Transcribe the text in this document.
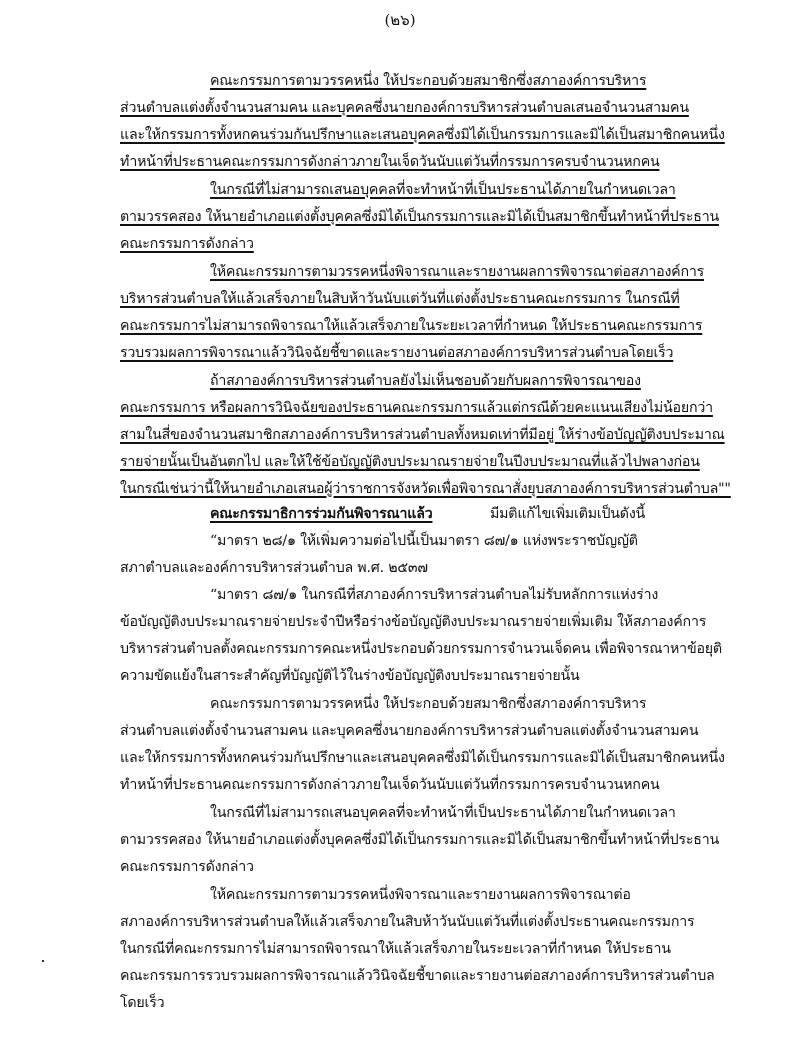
(๒๖)
คณะกรรมการตามวรรคหนึ่ง ให้ประกอบด้วยสมาชิกซึ่งสภาองค์การบริหาร
ส่วนตำบลแต่งตั้งจำนวนสามคน และบุคคลซึ่งนายกองค์การบริหารส่วนตำบลเสนอจำนวนสามคน
และให้กรรมการทั้งหกคนร่วมกันปรึกษาและเสนอบุคคลซึ่งมิได้เป็นกรรมการและมิได้เป็นสมาชิกคนหนึ่ง
ทำหน้าที่ประธานคณะกรรมการดังกล่าวภายในเจ็ดวันนับแต่วันที่กรรมการครบจำนวนหกคน
ในกรณีที่ไม่สามารถเสนอบุคคลที่จะทำหน้าที่เป็นประธานได้ภายในกำหนดเวลา
ตามวรรคสอง ให้นายอำเภอแต่งตั้งบุคคลซึ่งมิได้เป็นกรรมการและมิได้เป็นสมาชิกขึ้นทำหน้าที่ประธาน
คณะกรรมการดังกล่าว
ให้คณะกรรมการตามวรรคหนึ่งพิจารณาและรายงานผลการพิจารณาต่อสภาองค์การ
บริหารส่วนตำบลให้แล้วเสร็จภายในสิบห้าวันนับแต่วันที่แต่งตั้งประธานคณะกรรมการ ในกรณีที่
คณะกรรมการไม่สามารถพิจารณาให้แล้วเสร็จภายในระยะเวลาที่กำหนด ให้ประธานคณะกรรมการ
รวบรวมผลการพิจารณาแล้ววินิจฉัยชี้ขาดและรายงานต่อสภาองค์การบริหารส่วนตำบลโดยเร็ว
ถ้าสภาองค์การบริหารส่วนตำบลยังไม่เห็นชอบด้วยกับผลการพิจารณาของ
คณะกรรมการ หรือผลการวินิจฉัยของประธานคณะกรรมการแล้วแต่กรณีด้วยคะแนนเสียงไม่น้อยกว่า
สามในสี่ของจำนวนสมาชิกสภาองค์การบริหารส่วนตำบลทั้งหมดเท่าที่มีอยู่ ให้ร่างข้อบัญญัติงบประมาณ
รายจ่ายนั้นเป็นอันตกไป และให้ใช้ข้อบัญญัติงบประมาณรายจ่ายในปีงบประมาณที่แล้วไปพลางก่อน
ในกรณีเช่นว่านี้ให้นายอำเภอเสนอผู้ว่าราชการจังหวัดเพื่อพิจารณาสั่งยุบสภาองค์การบริหารส่วนตำบล""
คณะกรรมาธิการร่วมกันพิจารณาแล้ว	มีมติแก้ไขเพิ่มเติมเป็นดังนี้
“มาตรา ๒๘/๑ ให้เพิ่มความต่อไปนี้เป็นมาตรา ๘๗/๑ แห่งพระราชบัญญัติ
สภาตำบลและองค์การบริหารส่วนตำบล พ.ศ. ๒๕๓๗
“มาตรา ๘๗/๑ ในกรณีที่สภาองค์การบริหารส่วนตำบลไม่รับหลักการแห่งร่าง
ข้อบัญญัติงบประมาณรายจ่ายประจำปีหรือร่างข้อบัญญัติงบประมาณรายจ่ายเพิ่มเติม ให้สภาองค์การ
บริหารส่วนตำบลตั้งคณะกรรมการคณะหนึ่งประกอบด้วยกรรมการจำนวนเจ็ดคน เพื่อพิจารณาหาข้อยุติ
ความขัดแย้งในสาระสำคัญที่บัญญัติไว้ในร่างข้อบัญญัติงบประมาณรายจ่ายนั้น
คณะกรรมการตามวรรคหนึ่ง ให้ประกอบด้วยสมาชิกซึ่งสภาองค์การบริหาร
ส่วนตำบลแต่งตั้งจำนวนสามคน และบุคคลซึ่งนายกองค์การบริหารส่วนตำบลแต่งตั้งจำนวนสามคน
และให้กรรมการทั้งหกคนร่วมกันปรึกษาและเสนอบุคคลซึ่งมิได้เป็นกรรมการและมิได้เป็นสมาชิกคนหนึ่ง
ทำหน้าที่ประธานคณะกรรมการดังกล่าวภายในเจ็ดวันนับแต่วันที่กรรมการครบจำนวนหกคน
ในกรณีที่ไม่สามารถเสนอบุคคลที่จะทำหน้าที่เป็นประธานได้ภายในกำหนดเวลา
ตามวรรคสอง ให้นายอำเภอแต่งตั้งบุคคลซึ่งมิได้เป็นกรรมการและมิได้เป็นสมาชิกขึ้นทำหน้าที่ประธาน
คณะกรรมการดังกล่าว
ให้คณะกรรมการตามวรรคหนึ่งพิจารณาและรายงานผลการพิจารณาต่อ
สภาองค์การบริหารส่วนตำบลให้แล้วเสร็จภายในสิบห้าวันนับแต่วันที่แต่งตั้งประธานคณะกรรมการ
ในกรณีที่คณะกรรมการไม่สามารถพิจารณาให้แล้วเสร็จภายในระยะเวลาที่กำหนด ให้ประธาน
คณะกรรมการรวบรวมผลการพิจารณาแล้ววินิจฉัยชี้ขาดและรายงานต่อสภาองค์การบริหารส่วนตำบล
โดยเร็ว
